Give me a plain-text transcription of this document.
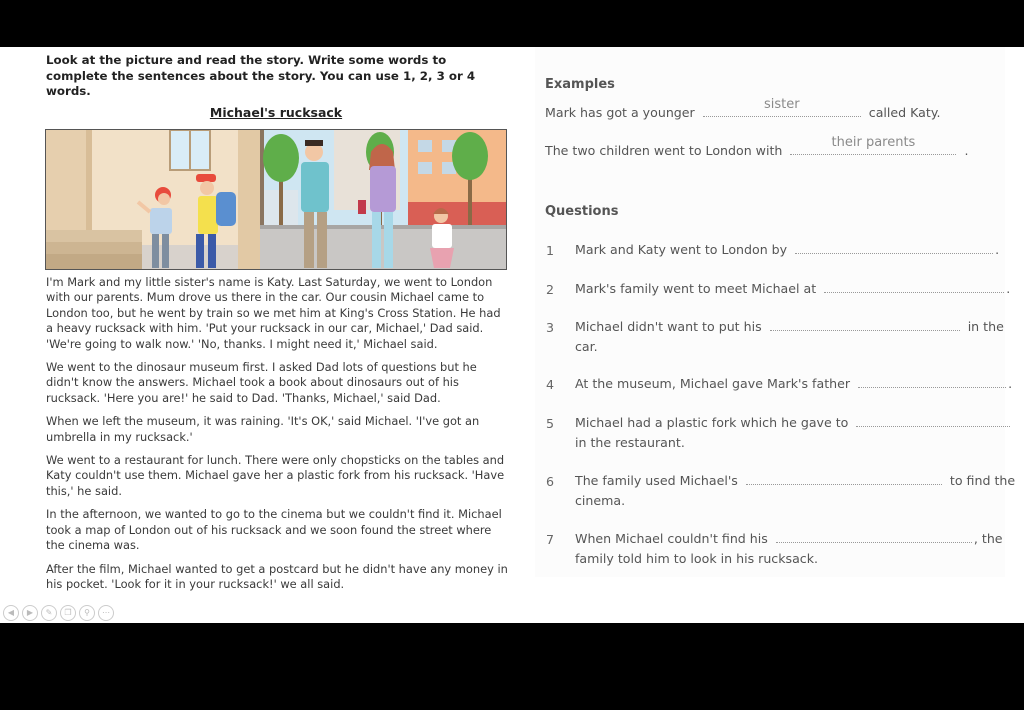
Look at the picture and read the story. Write some words to complete the sentences about the story. You can use 1, 2, 3 or 4 words.
Michael's rucksack

I'm Mark and my little sister's name is Katy. Last Saturday, we went to London with our parents. Mum drove us there in the car. Our cousin Michael came to London too, but he went by train so we met him at King's Cross Station. He had a heavy rucksack with him. 'Put your rucksack in our car, Michael,' Dad said. 'We're going to walk now.' 'No, thanks. I might need it,' Michael said.

We went to the dinosaur museum first. I asked Dad lots of questions but he didn't know the answers. Michael took a book about dinosaurs out of his rucksack. 'Here you are!' he said to Dad. 'Thanks, Michael,' said Dad.

When we left the museum, it was raining. 'It's OK,' said Michael. 'I've got an umbrella in my rucksack.'

We went to a restaurant for lunch. There were only chopsticks on the tables and Katy couldn't use them. Michael gave her a plastic fork from his rucksack. 'Have this,' he said.

In the afternoon, we wanted to go to the cinema but we couldn't find it. Michael took a map of London out of his rucksack and we soon found the street where the cinema was.

After the film, Michael wanted to get a postcard but he didn't have any money in his pocket. 'Look for it in your rucksack!' we all said.

Examples
Mark has got a younger
sister
called Katy.
The two children went to London with
their parents
.
Questions
1 Mark and Katy went to London by	.
2 Mark's family went to meet Michael at	.
3 Michael didn't want to put his	in the
car.
4 At the museum, Michael gave Mark's father	.
5 Michael had a plastic fork which he gave to
in the restaurant.
6 The family used Michael's	to find the
cinema.
7 When Michael couldn't find his	, the
family told him to look in his rucksack.
◀	▶	✎	❐	⚲	⋯
